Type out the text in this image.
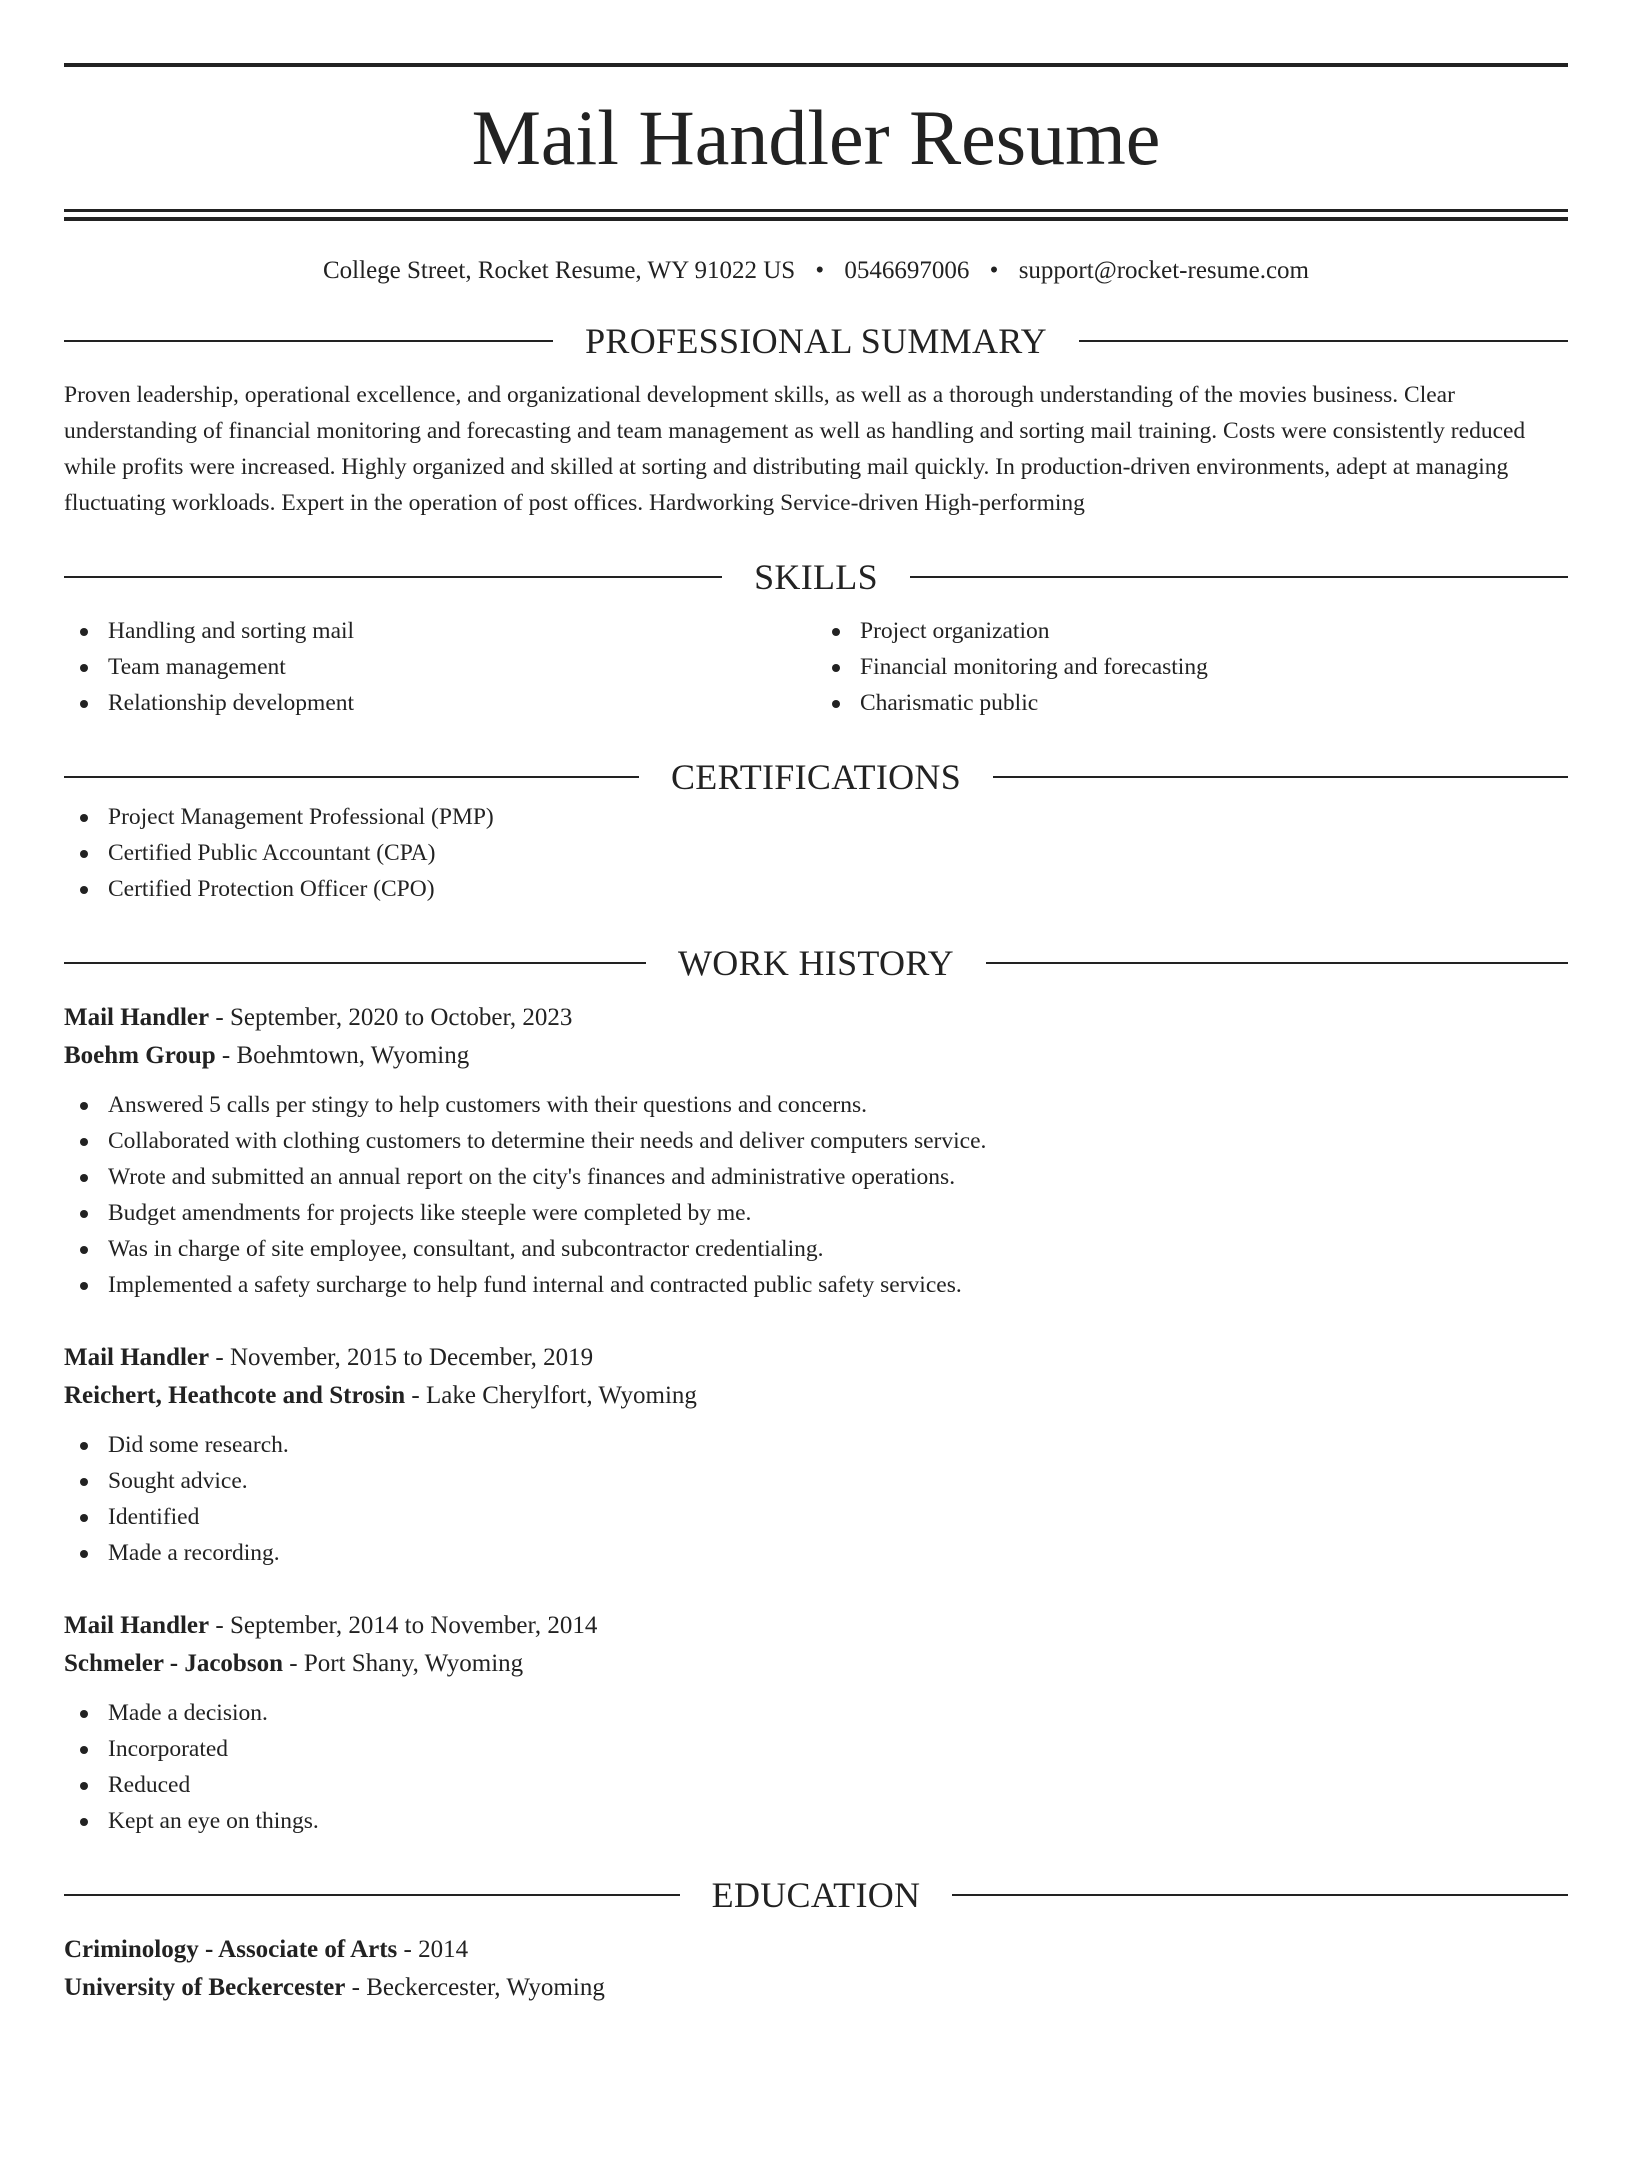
Mail Handler Resume
College Street, Rocket Resume, WY 91022 US • 0546697006 • support@rocket-resume.com
PROFESSIONAL SUMMARY
Proven leadership, operational excellence, and organizational development skills, as well as a thorough understanding of the movies business. Clear understanding of financial monitoring and forecasting and team management as well as handling and sorting mail training. Costs were consistently reduced while profits were increased. Highly organized and skilled at sorting and distributing mail quickly. In production-driven environments, adept at managing fluctuating workloads. Expert in the operation of post offices. Hardworking Service-driven High-performing
SKILLS
Handling and sorting mail
Team management
Relationship development
Project organization
Financial monitoring and forecasting
Charismatic public
CERTIFICATIONS
Project Management Professional (PMP)
Certified Public Accountant (CPA)
Certified Protection Officer (CPO)
WORK HISTORY
Mail Handler - September, 2020 to October, 2023
Boehm Group - Boehmtown, Wyoming
Answered 5 calls per stingy to help customers with their questions and concerns.
Collaborated with clothing customers to determine their needs and deliver computers service.
Wrote and submitted an annual report on the city's finances and administrative operations.
Budget amendments for projects like steeple were completed by me.
Was in charge of site employee, consultant, and subcontractor credentialing.
Implemented a safety surcharge to help fund internal and contracted public safety services.
Mail Handler - November, 2015 to December, 2019
Reichert, Heathcote and Strosin - Lake Cherylfort, Wyoming
Did some research.
Sought advice.
Identified
Made a recording.
Mail Handler - September, 2014 to November, 2014
Schmeler - Jacobson - Port Shany, Wyoming
Made a decision.
Incorporated
Reduced
Kept an eye on things.
EDUCATION
Criminology - Associate of Arts - 2014
University of Beckercester - Beckercester, Wyoming
